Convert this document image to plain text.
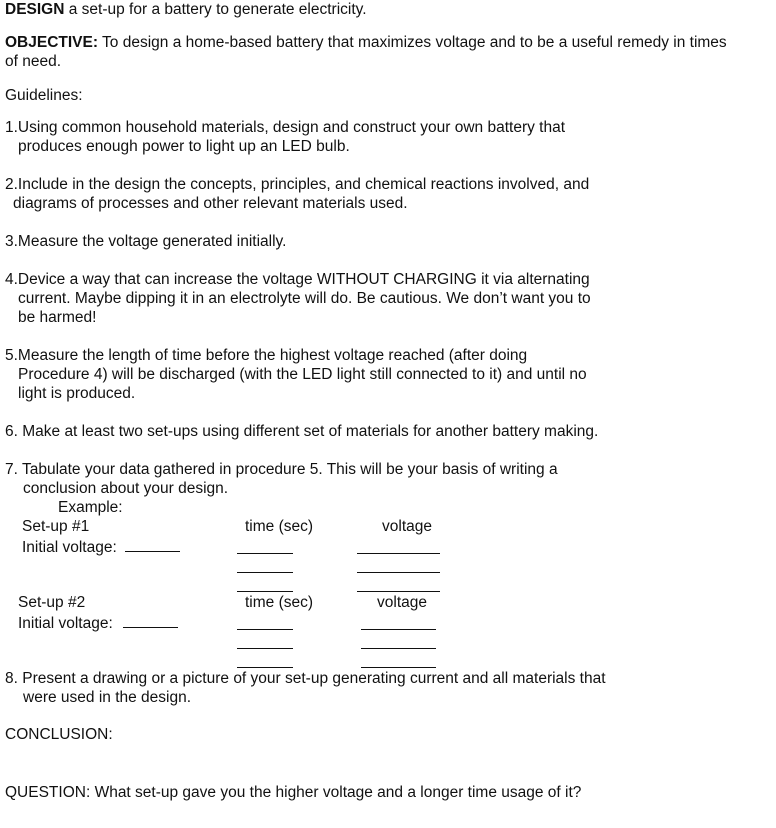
DESIGN a set-up for a battery to generate electricity.
OBJECTIVE: To design a home-based battery that maximizes voltage and to be a useful remedy in times
of need.
Guidelines:
1.Using common household materials, design and construct your own battery that
produces enough power to light up an LED bulb.
2.Include in the design the concepts, principles, and chemical reactions involved, and
diagrams of processes and other relevant materials used.
3.Measure the voltage generated initially.
4.Device a way that can increase the voltage WITHOUT CHARGING it via alternating
current. Maybe dipping it in an electrolyte will do. Be cautious. We don’t want you to
be harmed!
5.Measure the length of time before the highest voltage reached (after doing
Procedure 4) will be discharged (with the LED light still connected to it) and until no
light is produced.
6. Make at least two set-ups using different set of materials for another battery making.
7. Tabulate your data gathered in procedure 5. This will be your basis of writing a
conclusion about your design.
Example:
Set-up #1	time (sec)	voltage
Initial voltage:
Set-up #2	time (sec)	voltage
Initial voltage:
8. Present a drawing or a picture of your set-up generating current and all materials that
were used in the design.
CONCLUSION:
QUESTION: What set-up gave you the higher voltage and a longer time usage of it?
